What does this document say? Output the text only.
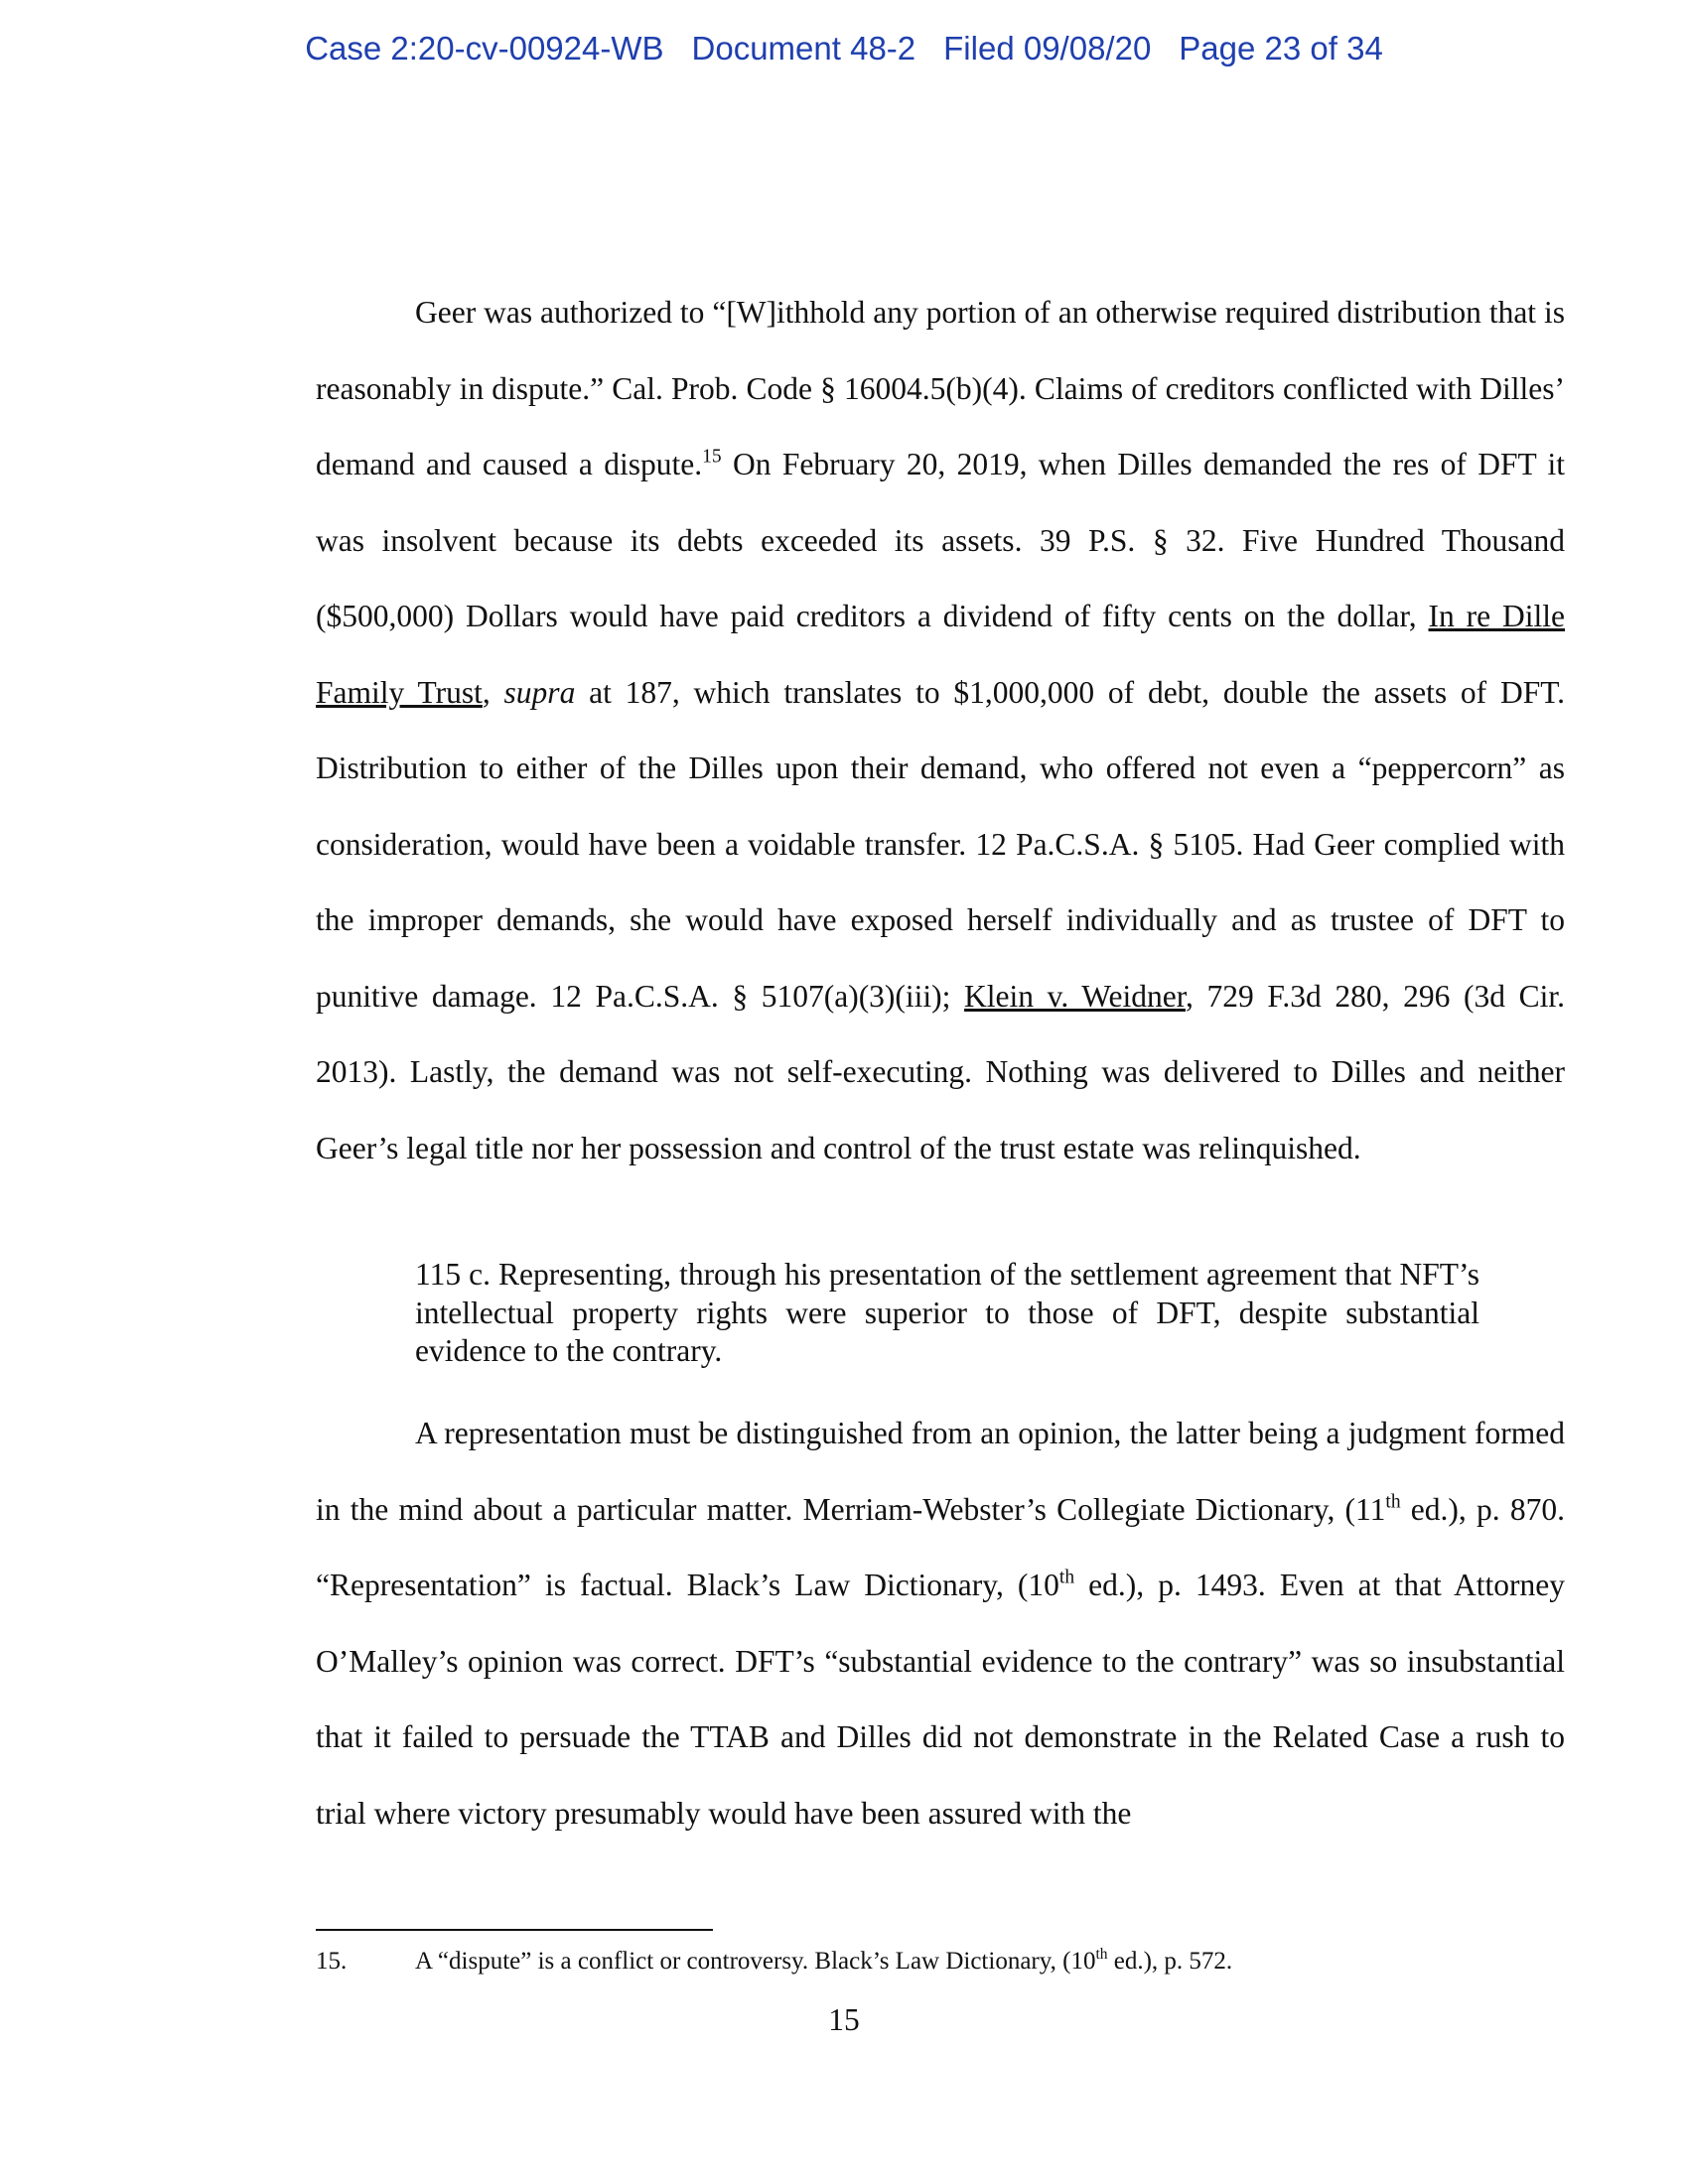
Case 2:20-cv-00924-WB Document 48-2 Filed 09/08/20 Page 23 of 34

Geer was authorized to “[W]ithhold any portion of an otherwise required distribution that is reasonably in dispute.” Cal. Prob. Code § 16004.5(b)(4). Claims of creditors conflicted with Dilles’ demand and caused a dispute.$^{15}$ On February 20, 2019, when Dilles demanded the res of DFT it was insolvent because its debts exceeded its assets. 39 P.S. § 32. Five Hundred Thousand ($500,000) Dollars would have paid creditors a dividend of fifty cents on the dollar, In re Dille Family Trust, supra at 187, which translates to $1,000,000 of debt, double the assets of DFT. Distribution to either of the Dilles upon their demand, who offered not even a “peppercorn” as consideration, would have been a voidable transfer. 12 Pa.C.S.A. § 5105. Had Geer complied with the improper demands, she would have exposed herself individually and as trustee of DFT to punitive damage. 12 Pa.C.S.A. § 5107(a)(3)(iii); Klein v. Weidner, 729 F.3d 280, 296 (3d Cir. 2013). Lastly, the demand was not self-executing. Nothing was delivered to Dilles and neither Geer’s legal title nor her possession and control of the trust estate was relinquished.

115 c. Representing, through his presentation of the settlement agreement that NFT’s intellectual property rights were superior to those of DFT, despite substantial evidence to the contrary.

A representation must be distinguished from an opinion, the latter being a judgment formed in the mind about a particular matter. Merriam-Webster’s Collegiate Dictionary, (11th ed.), p. 870. “Representation” is factual. Black’s Law Dictionary, (10th ed.), p. 1493. Even at that Attorney O’Malley’s opinion was correct. DFT’s “substantial evidence to the contrary” was so insubstantial that it failed to persuade the TTAB and Dilles did not demonstrate in the Related Case a rush to trial where victory presumably would have been assured with the

15.	A “dispute” is a conflict or controversy. Black’s Law Dictionary, (10th ed.), p. 572.
15
